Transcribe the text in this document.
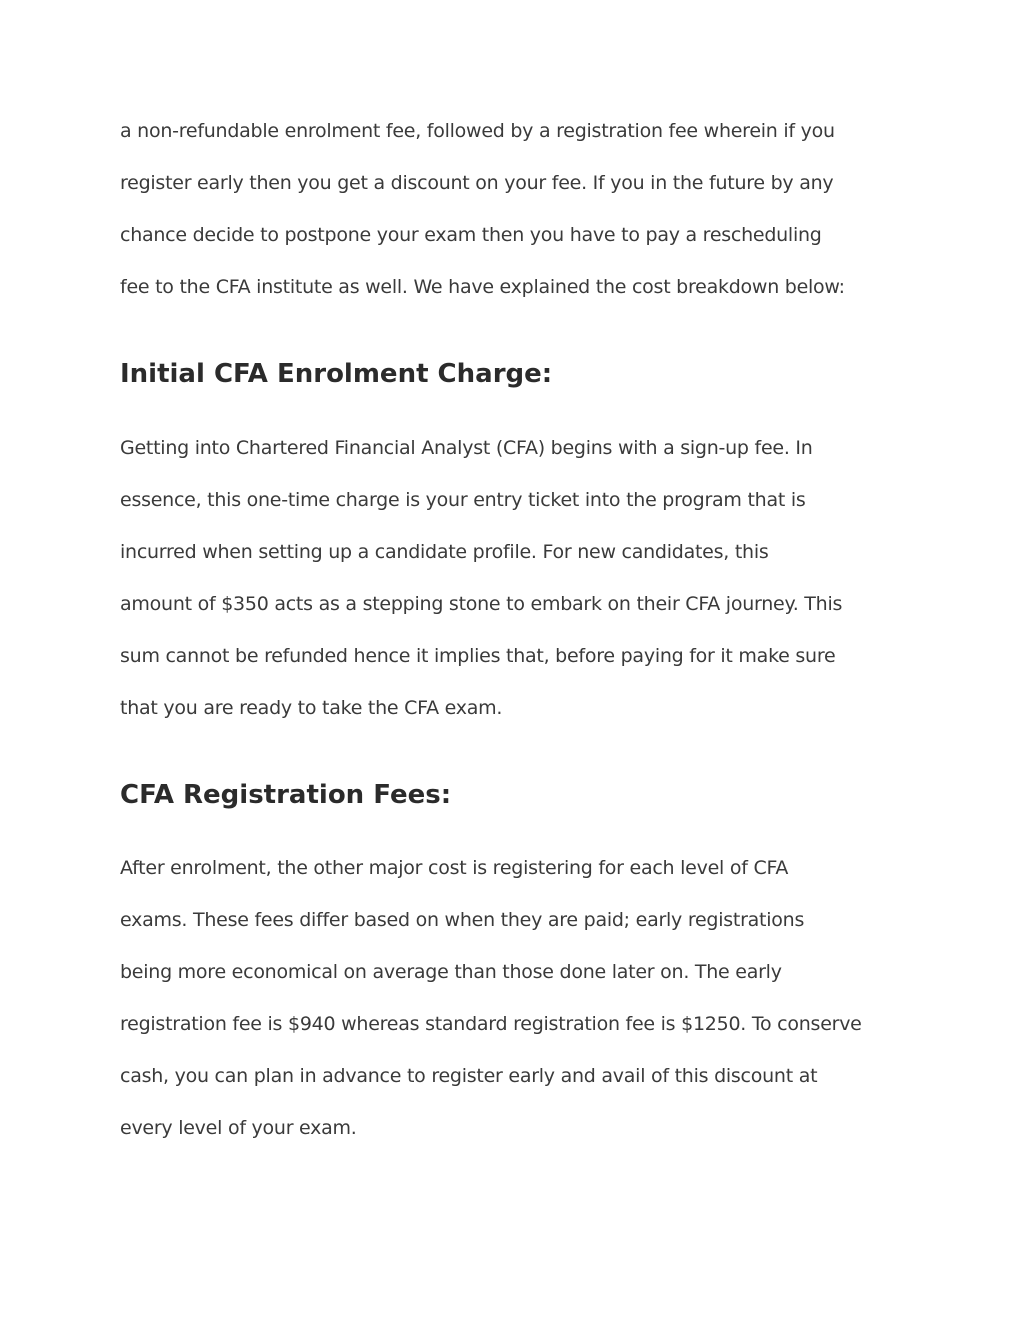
a non-refundable enrolment fee, followed by a registration fee wherein if you
register early then you get a discount on your fee. If you in the future by any
chance decide to postpone your exam then you have to pay a rescheduling
fee to the CFA institute as well. We have explained the cost breakdown below:
Initial CFA Enrolment Charge:
Getting into Chartered Financial Analyst (CFA) begins with a sign-up fee. In
essence, this one-time charge is your entry ticket into the program that is
incurred when setting up a candidate profile. For new candidates, this
amount of $350 acts as a stepping stone to embark on their CFA journey. This
sum cannot be refunded hence it implies that, before paying for it make sure
that you are ready to take the CFA exam.
CFA Registration Fees:
After enrolment, the other major cost is registering for each level of CFA
exams. These fees differ based on when they are paid; early registrations
being more economical on average than those done later on. The early
registration fee is $940 whereas standard registration fee is $1250. To conserve
cash, you can plan in advance to register early and avail of this discount at
every level of your exam.
